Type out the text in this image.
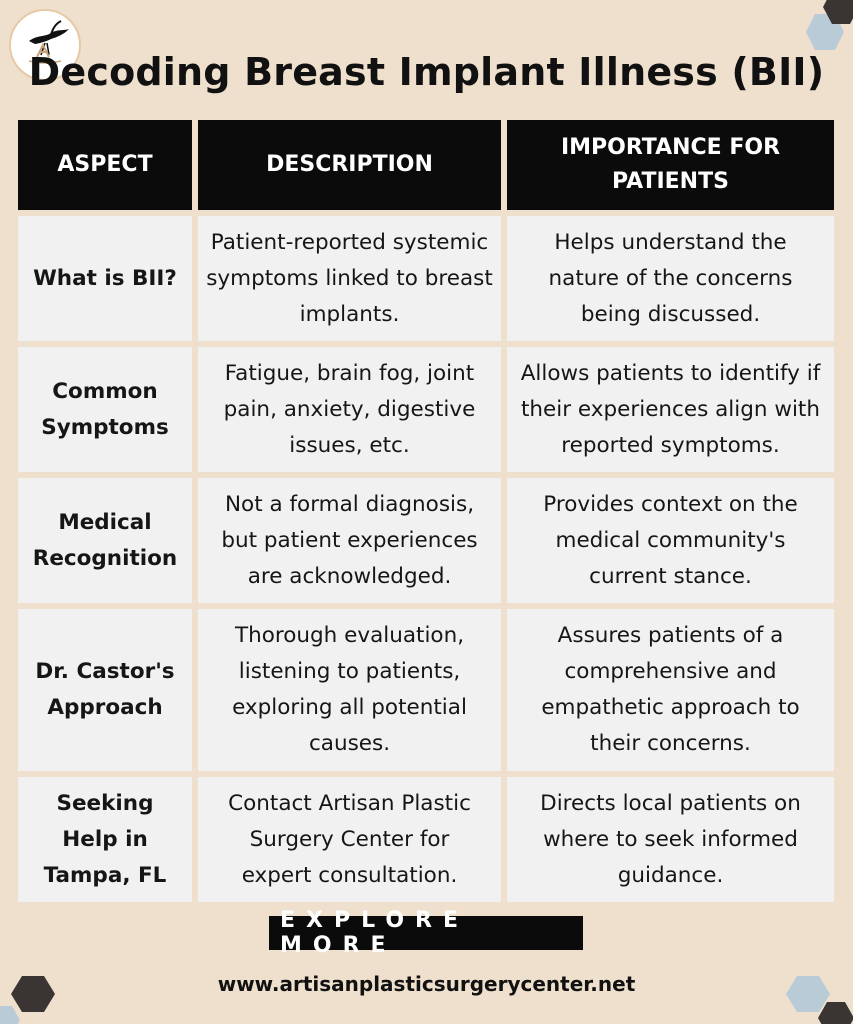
Decoding Breast Implant Illness (BII)
ASPECT	DESCRIPTION
IMPORTANCE FOR PATIENTS
What is BII?
Patient-reported systemic symptoms linked to breast implants.
Helps understand the nature of the concerns being discussed.
Common Symptoms
Fatigue, brain fog, joint pain, anxiety, digestive issues, etc.
Allows patients to identify if their experiences align with reported symptoms.
Medical Recognition
Not a formal diagnosis, but patient experiences are acknowledged.
Provides context on the medical community's current stance.
Dr. Castor's Approach
Thorough evaluation, listening to patients, exploring all potential causes.
Assures patients of a comprehensive and empathetic approach to their concerns.
Seeking Help in Tampa, FL
Contact Artisan Plastic Surgery Center for expert consultation.
Directs local patients on where to seek informed guidance.
EXPLORE MORE
www.artisanplasticsurgerycenter.net
